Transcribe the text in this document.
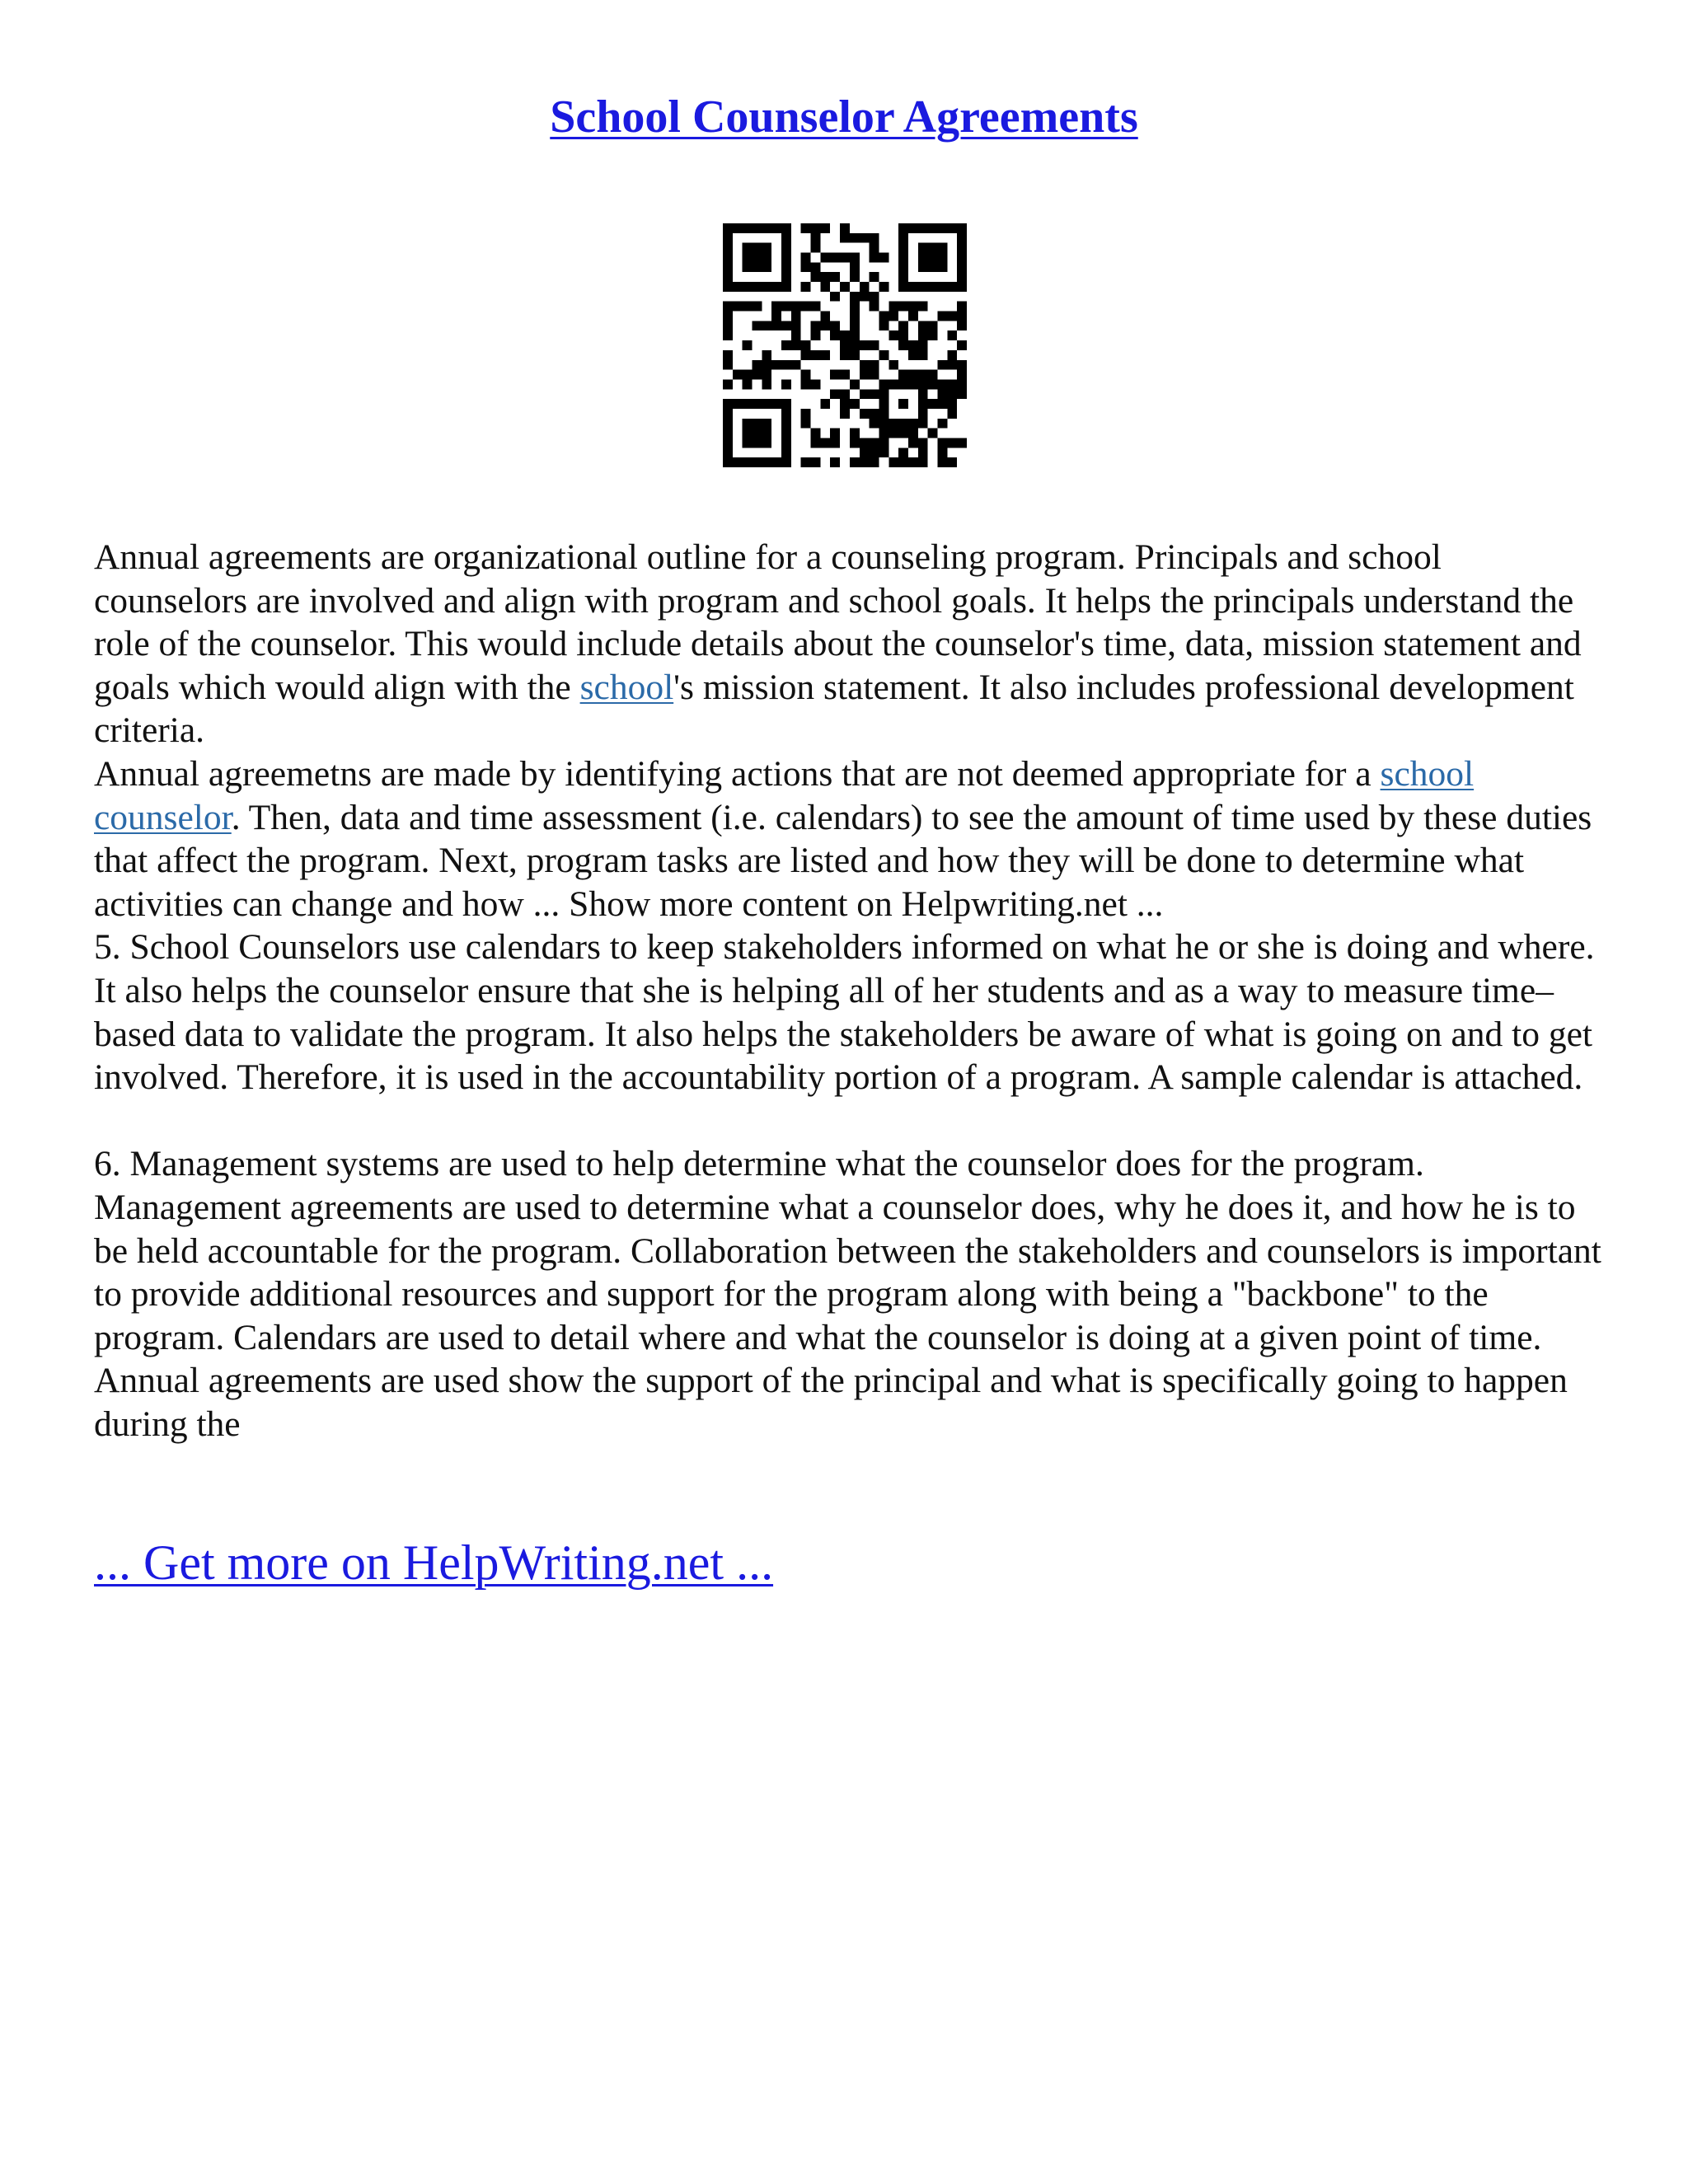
School Counselor Agreements

Annual agreements are organizational outline for a counseling program. Principals and school counselors are involved and align with program and school goals. It helps the principals understand the role of the counselor. This would include details about the counselor's time, data, mission statement and goals which would align with the school's mission statement. It also includes professional development criteria.

Annual agreemetns are made by identifying actions that are not deemed appropriate for a school counselor. Then, data and time assessment (i.e. calendars) to see the amount of time used by these duties that affect the program. Next, program tasks are listed and how they will be done to determine what activities can change and how ... Show more content on Helpwriting.net ...

5. School Counselors use calendars to keep stakeholders informed on what he or she is doing and where. It also helps the counselor ensure that she is helping all of her students and as a way to measure time–based data to validate the program. It also helps the stakeholders be aware of what is going on and to get involved. Therefore, it is used in the accountability portion of a program. A sample calendar is attached.

6. Management systems are used to help determine what the counselor does for the program. Management agreements are used to determine what a counselor does, why he does it, and how he is to be held accountable for the program. Collaboration between the stakeholders and counselors is important to provide additional resources and support for the program along with being a "backbone" to the program. Calendars are used to detail where and what the counselor is doing at a given point of time. Annual agreements are used show the support of the principal and what is specifically going to happen during the

... Get more on HelpWriting.net ...
